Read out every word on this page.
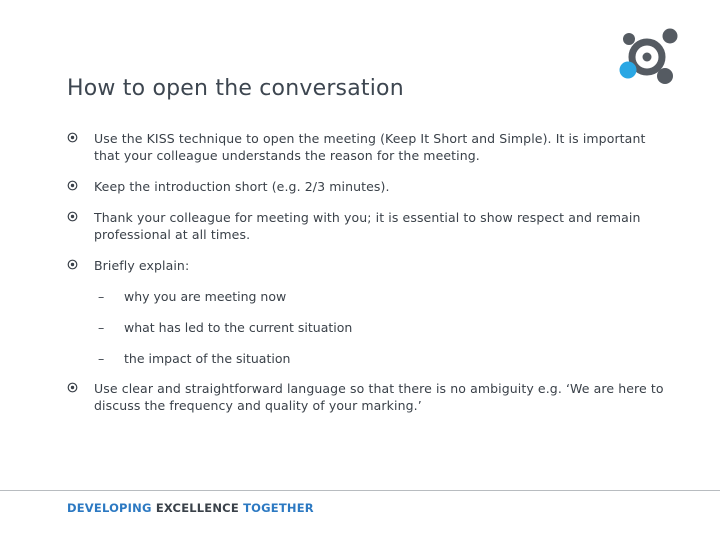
How to open the conversation
Use the KISS technique to open the meeting (Keep It Short and Simple). It is important that your colleague understands the reason for the meeting.
Keep the introduction short (e.g. 2/3 minutes).
Thank your colleague for meeting with you; it is essential to show respect and remain professional at all times.
Briefly explain:
Use clear and straightforward language so that there is no ambiguity e.g. ‘We are here to discuss the frequency and quality of your marking.’
– why you are meeting now
– what has led to the current situation
– the impact of the situation
DEVELOPING EXCELLENCE TOGETHER
